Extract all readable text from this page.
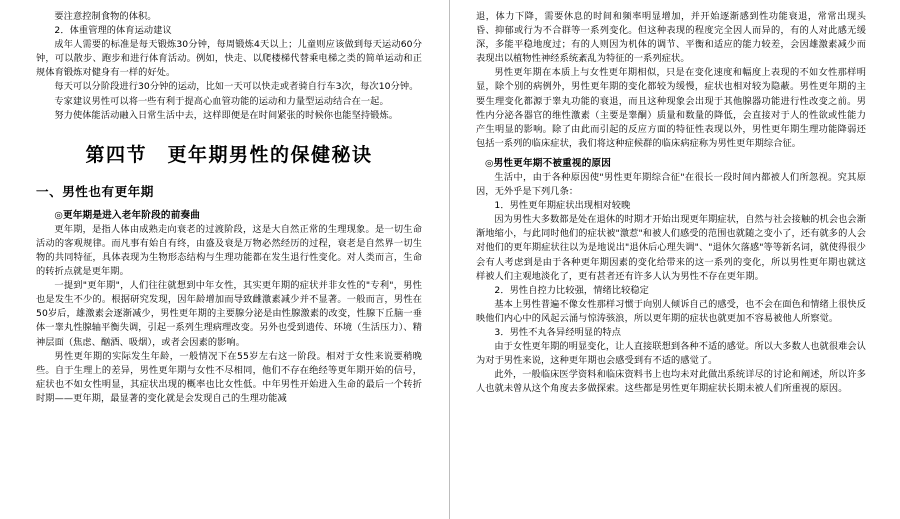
要注意控制食物的体积。

2．体重管理的体育运动建议

成年人需要的标准是每天锻炼30分钟，每周锻炼4天以上；儿童则应该做到每天运动60分钟，可以散步、跑步和进行体育活动。例如，快走、以爬楼梯代替乘电梯之类的简单运动和正规体育锻炼对健身有一样的好处。

每天可以分阶段进行30分钟的运动，比如一天可以快走或者骑自行车3次，每次10分钟。

专家建议男性可以将一些有利于提高心血管功能的运动和力量型运动结合在一起。

努力使体能活动融入日常生活中去，这样即便是在时间紧张的时候你也能坚持锻炼。

第四节　更年期男性的保健秘诀
一、男性也有更年期
◎更年期是进入老年阶段的前奏曲

更年期，是指人体由成熟走向衰老的过渡阶段，这是大自然正常的生理现象。是一切生命活动的客观规律。而凡事有始自有终，由盛及衰是万物必然经历的过程，衰老是自然界一切生物的共同特征，具体表现为生物形态结构与生理功能都在发生退行性变化。对人类而言，生命的转折点就是更年期。

一提到"更年期"，人们往往就想到中年女性，其实更年期的症状并非女性的"专利"，男性也是发生不少的。根据研究发现，因年龄增加而导致雌激素减少并不显著。一般而言，男性在50岁后，雄激素会逐渐减少，男性更年期的主要腺分泌是由性腺激素的改变，性腺下丘脑一垂体一睾丸性腺轴平衡失调，引起一系列生理病理改变。另外也受到遗传、环境（生活压力）、精神层面（焦虑、酗酒、吸烟），或者会因素的影响。

男性更年期的实际发生年龄，一般情况下在55岁左右这一阶段。相对于女性来说要稍晚些。自于生理上的差异，男性更年期与女性不尽相同，他们不存在绝经等更年期开始的信号，症状也不如女性明显，其症状出现的概率也比女性低。中年男性开始进入生命的最后一个转折时期——更年期，最显著的变化就是会发现自己的生理功能减

退，体力下降，需要休息的时间和频率明显增加，并开始逐渐感到性功能衰退，常常出现头昏、抑郁或行为不合群等一系列变化。但这种表现的程度完全因人而异的，有的人对此感无缓深，多能平稳地度过；有的人则因为机体的调节、平衡和适应的能力较差，会因雄激素减少而表现出以植物性神经系统紊乱为特征的一系列症状。

男性更年期在本质上与女性更年期相似，只是在变化速度和幅度上表现的不如女性那样明显，除个别的病例外，男性更年期的变化都较为缓慢，症状也相对较为隐蔽。男性更年期的主要生理变化都源于睾丸功能的衰退，而且这种现象会出现于其他腺器功能进行性改变之前。男性内分泌各器官的维性激素（主要是睾酮）质量和数量的降低，会直接对于人的性欲或性能力产生明显的影响。除了由此而引起的反应方面的特征性表现以外，男性更年期生理功能降弱还包括一系列的临床症状，我们将这种症候群的临床病症称为男性更年期综合征。

◎男性更年期不被重视的原因

生活中，由于各种原因使"男性更年期综合征"在很长一段时间内都被人们所忽视。究其原因，无外乎是下列几条：

1．男性更年期症状出现相对较晚

因为男性大多数都是处在退休的时期才开始出现更年期症状，自然与社会接触的机会也会渐渐地缩小，与此同时他们的症状被"激惹"和被人们感受的范围也就随之变小了，还有就多的人会对他们的更年期症状往以为是地说出"退休后心理失调"、"退休欠落感"等等新名词，就使得很少会有人考虑到是由于各种更年期因素的变化给带来的这一系列的变化，所以男性更年期也就这样被人们主观地淡化了，更有甚者还有许多人认为男性不存在更年期。

2．男性自控力比较强，情绪比较稳定

基本上男性普遍不像女性那样习惯于向别人倾诉自己的感受，也不会在面色和情绪上很快反映他们内心中的风起云涌与惊涛骇浪，所以更年期的症状也就更加不容易被他人所察觉。

3．男性不丸各异经明显的特点

由于女性更年期的明显变化，让人直接联想到各种不适的感觉。所以大多数人也就很难会认为对于男性来说，这种更年期也会感受到有不适的感觉了。

此外，一般临床医学资料和临床资料书上也均未对此做出系统详尽的讨论和阐述，所以许多人也就未曾从这个角度去多做探索。这些都是男性更年期症状长期未被人们所重视的原因。
